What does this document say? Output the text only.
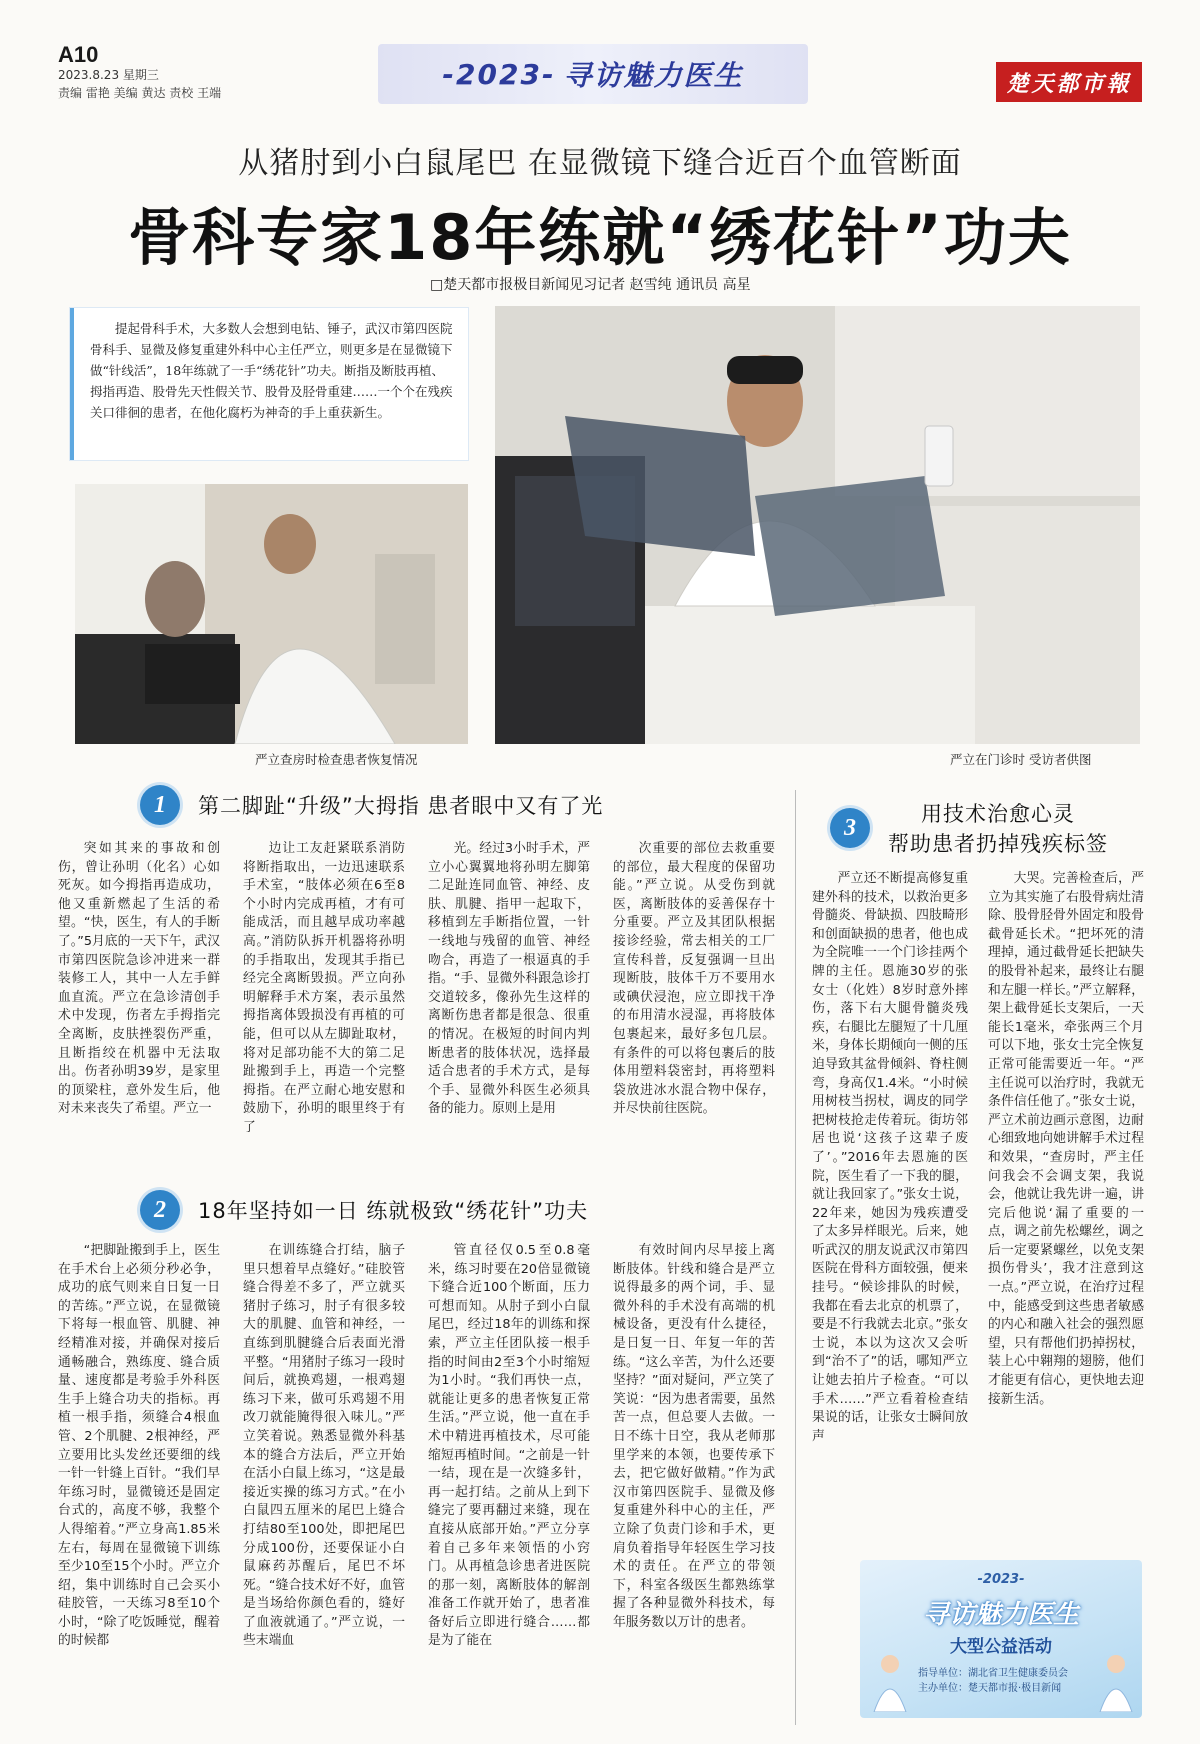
A10
2023.8.23 星期三
责编 雷艳 美编 黄达 责校 王端
-2023- 寻访魅力医生	楚天都市報
从猪肘到小白鼠尾巴 在显微镜下缝合近百个血管断面
骨科专家18年练就“绣花针”功夫
□楚天都市报极目新闻见习记者 赵雪纯 通讯员 高星
提起骨科手术，大多数人会想到电钻、锤子，武汉市第四医院骨科手、显微及修复重建外科中心主任严立，则更多是在显微镜下做“针线活”，18年练就了一手“绣花针”功夫。断指及断肢再植、拇指再造、股骨先天性假关节、股骨及胫骨重建……一个个在残疾关口徘徊的患者，在他化腐朽为神奇的手上重获新生。
严立查房时检查患者恢复情况	严立在门诊时 受访者供图
1	第二脚趾“升级”大拇指 患者眼中又有了光
突如其来的事故和创伤，曾让孙明（化名）心如死灰。如今拇指再造成功，他又重新燃起了生活的希望。“快，医生，有人的手断了。”5月底的一天下午，武汉市第四医院急诊冲进来一群装修工人，其中一人左手鲜血直流。严立在急诊清创手术中发现，伤者左手拇指完全离断，皮肤挫裂伤严重，且断指绞在机器中无法取出。伤者孙明39岁，是家里的顶梁柱，意外发生后，他对未来丧失了希望。严立一
边让工友赶紧联系消防将断指取出，一边迅速联系手术室，“肢体必须在6至8个小时内完成再植，才有可能成活，而且越早成功率越高。”消防队拆开机器将孙明的手指取出，发现其手指已经完全离断毁损。严立向孙明解释手术方案，表示虽然拇指离体毁损没有再植的可能，但可以从左脚趾取材，将对足部功能不大的第二足趾搬到手上，再造一个完整拇指。在严立耐心地安慰和鼓励下，孙明的眼里终于有了
光。经过3小时手术，严立小心翼翼地将孙明左脚第二足趾连同血管、神经、皮肤、肌腱、指甲一起取下，移植到左手断指位置，一针一线地与残留的血管、神经吻合，再造了一根逼真的手指。“手、显微外科跟急诊打交道较多，像孙先生这样的离断伤患者都是很急、很重的情况。在极短的时间内判断患者的肢体状况，选择最适合患者的手术方式，是每个手、显微外科医生必须具备的能力。原则上是用
次重要的部位去救重要的部位，最大程度的保留功能。”严立说。从受伤到就医，离断肢体的妥善保存十分重要。严立及其团队根据接诊经验，常去相关的工厂宣传科普，反复强调一旦出现断肢，肢体千万不要用水或碘伏浸泡，应立即找干净的布用清水浸湿，再将肢体包裹起来，最好多包几层。有条件的可以将包裹后的肢体用塑料袋密封，再将塑料袋放进冰水混合物中保存，并尽快前往医院。
2	18年坚持如一日 练就极致“绣花针”功夫
“把脚趾搬到手上，医生在手术台上必须分秒必争，成功的底气则来自日复一日的苦练。”严立说，在显微镜下将每一根血管、肌腱、神经精准对接，并确保对接后通畅融合，熟练度、缝合质量、速度都是考验手外科医生手上缝合功夫的指标。再植一根手指，须缝合4根血管、2个肌腱、2根神经，严立要用比头发丝还要细的线一针一针缝上百针。“我们早年练习时，显微镜还是固定台式的，高度不够，我整个人得缩着。”严立身高1.85米左右，每周在显微镜下训练至少10至15个小时。严立介绍，集中训练时自己会买小硅胶管，一天练习8至10个小时，“除了吃饭睡觉，醒着的时候都
在训练缝合打结，脑子里只想着早点缝好。”硅胶管缝合得差不多了，严立就买猪肘子练习，肘子有很多较大的肌腱、血管和神经，一直练到肌腱缝合后表面光滑平整。“用猪肘子练习一段时间后，就换鸡翅，一根鸡翅练习下来，做可乐鸡翅不用改刀就能腌得很入味儿。”严立笑着说。熟悉显微外科基本的缝合方法后，严立开始在活小白鼠上练习，“这是最接近实操的练习方式。”在小白鼠四五厘米的尾巴上缝合打结80至100处，即把尾巴分成100份，还要保证小白鼠麻药苏醒后，尾巴不坏死。“缝合技术好不好，血管是当场给你颜色看的，缝好了血液就通了。”严立说，一些末端血
管直径仅0.5至0.8毫米，练习时要在20倍显微镜下缝合近100个断面，压力可想而知。从肘子到小白鼠尾巴，经过18年的训练和探索，严立主任团队接一根手指的时间由2至3个小时缩短为1小时。“我们再快一点，就能让更多的患者恢复正常生活。”严立说，他一直在手术中精进再植技术，尽可能缩短再植时间。“之前是一针一结，现在是一次缝多针，再一起打结。之前从上到下缝完了要再翻过来缝，现在直接从底部开始。”严立分享着自己多年来领悟的小窍门。从再植急诊患者进医院的那一刻，离断肢体的解剖准备工作就开始了，患者准备好后立即进行缝合……都是为了能在
有效时间内尽早接上离断肢体。针线和缝合是严立说得最多的两个词，手、显微外科的手术没有高端的机械设备，更没有什么捷径，是日复一日、年复一年的苦练。“这么辛苦，为什么还要坚持？”面对疑问，严立笑了笑说：“因为患者需要，虽然苦一点，但总要人去做。一日不练十日空，我从老师那里学来的本领，也要传承下去，把它做好做精。”作为武汉市第四医院手、显微及修复重建外科中心的主任，严立除了负责门诊和手术，更肩负着指导年轻医生学习技术的责任。在严立的带领下，科室各级医生都熟练掌握了各种显微外科技术，每年服务数以万计的患者。
3
用技术治愈心灵
帮助患者扔掉残疾标签
严立还不断提高修复重建外科的技术，以救治更多骨髓炎、骨缺损、四肢畸形和创面缺损的患者，他也成为全院唯一一个门诊挂两个牌的主任。恩施30岁的张女士（化姓）8岁时意外摔伤，落下右大腿骨髓炎残疾，右腿比左腿短了十几厘米，身体长期倾向一侧的压迫导致其盆骨倾斜、脊柱侧弯，身高仅1.4米。“小时候用树枝当拐杖，调皮的同学把树枝抢走传着玩。街坊邻居也说‘这孩子这辈子废了’。”2016年去恩施的医院，医生看了一下我的腿，就让我回家了。”张女士说，22年来，她因为残疾遭受了太多异样眼光。后来，她听武汉的朋友说武汉市第四医院在骨科方面较强，便来挂号。“候诊排队的时候，我都在看去北京的机票了，要是不行我就去北京。”张女士说，本以为这次又会听到“治不了”的话，哪知严立让她去拍片子检查。“可以手术……”严立看着检查结果说的话，让张女士瞬间放声
大哭。完善检查后，严立为其实施了右股骨病灶清除、股骨胫骨外固定和股骨截骨延长术。“把坏死的清理掉，通过截骨延长把缺失的股骨补起来，最终让右腿和左腿一样长。”严立解释，架上截骨延长支架后，一天能长1毫米，牵张两三个月可以下地，张女士完全恢复正常可能需要近一年。“严主任说可以治疗时，我就无条件信任他了。”张女士说，严立术前边画示意图，边耐心细致地向她讲解手术过程和效果，“查房时，严主任问我会不会调支架，我说会，他就让我先讲一遍，讲完后他说‘漏了重要的一点，调之前先松螺丝，调之后一定要紧螺丝，以免支架损伤骨头’，我才注意到这一点。”严立说，在治疗过程中，能感受到这些患者敏感的内心和融入社会的强烈愿望，只有帮他们扔掉拐杖，装上心中翱翔的翅膀，他们才能更有信心，更快地去迎接新生活。
-2023-
寻访魅力医生
大型公益活动
指导单位：湖北省卫生健康委员会
主办单位：楚天都市报·极目新闻
